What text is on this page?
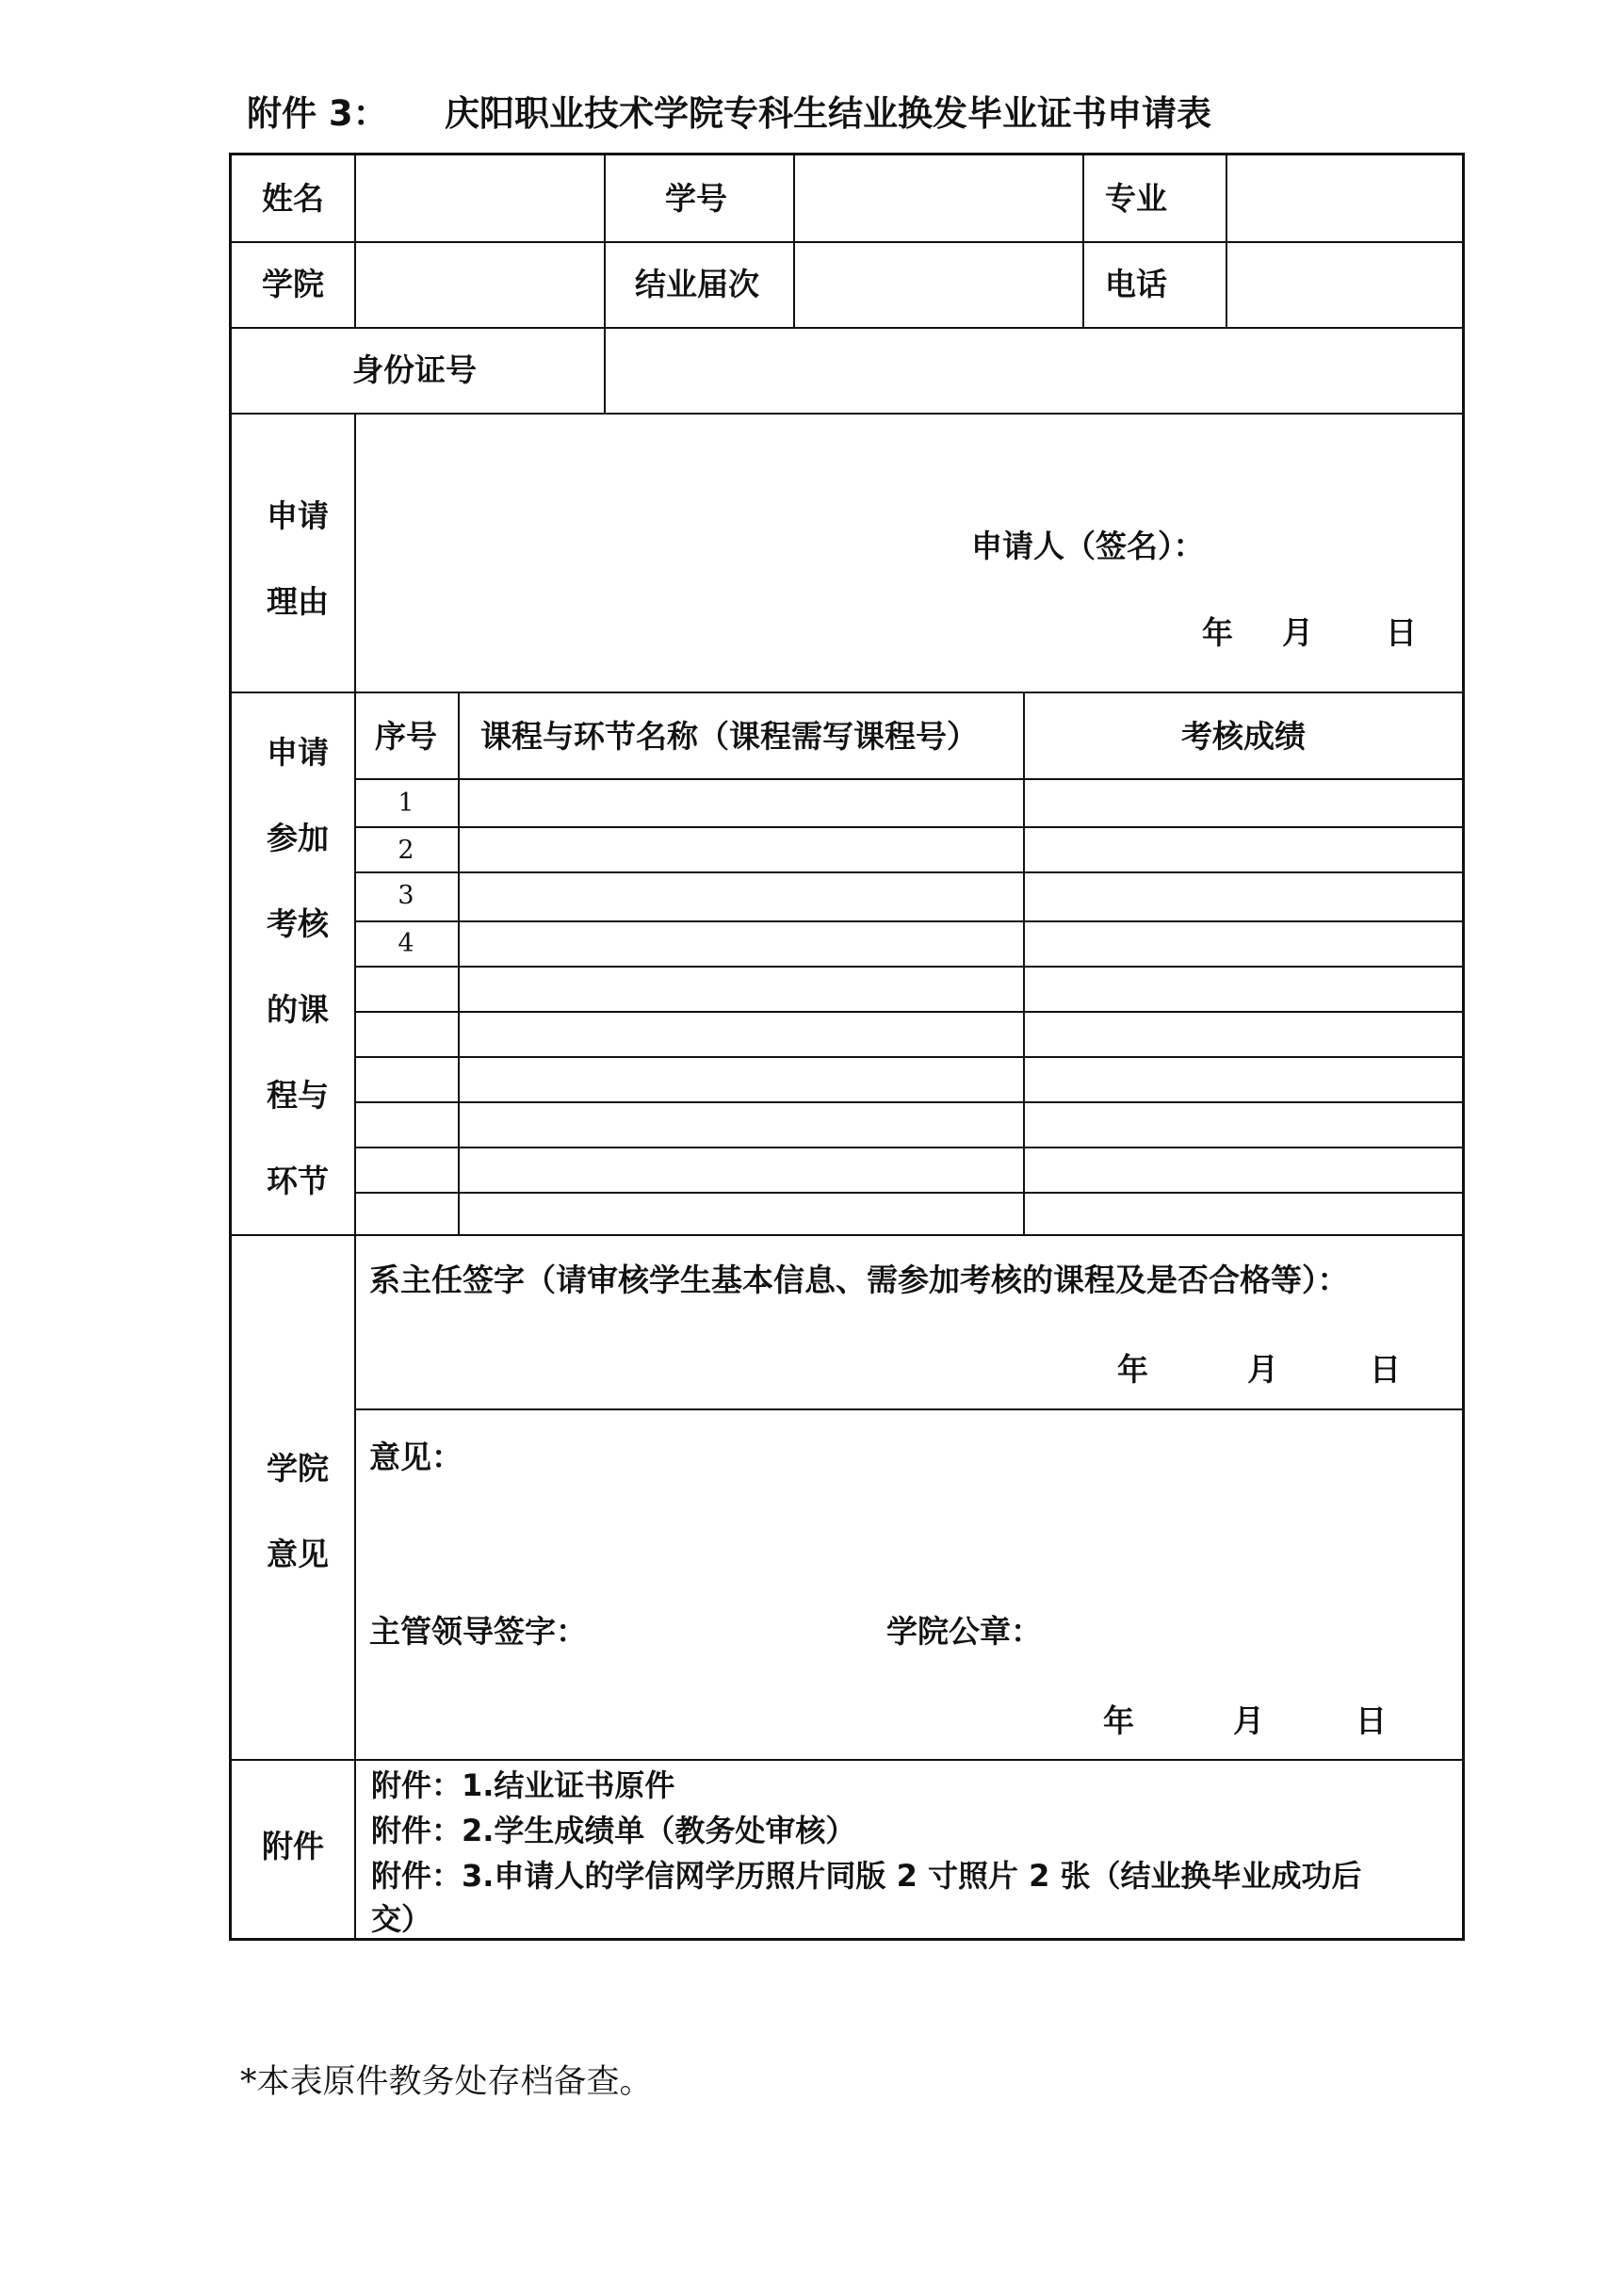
附件 3： 庆阳职业技术学院专科生结业换发毕业证书申请表
姓名	学号	专业
学院	结业届次	电话
身份证号
申请
理由
申请人（签名）：
年 月 日
申请
参加
考核
的课
程与
环节
序号	课程与环节名称（课程需写课程号）	考核成绩
1
2
3
4
学院
意见
系主任签字（请审核学生基本信息、需参加考核的课程及是否合格等）：
年	月	日
意见：
主管领导签字：	学院公章：
年	月	日
附件
附件：1.结业证书原件
附件：2.学生成绩单（教务处审核）
附件：3.申请人的学信网学历照片同版 2 寸照片 2 张（结业换毕业成功后
交）
*本表原件教务处存档备查。
